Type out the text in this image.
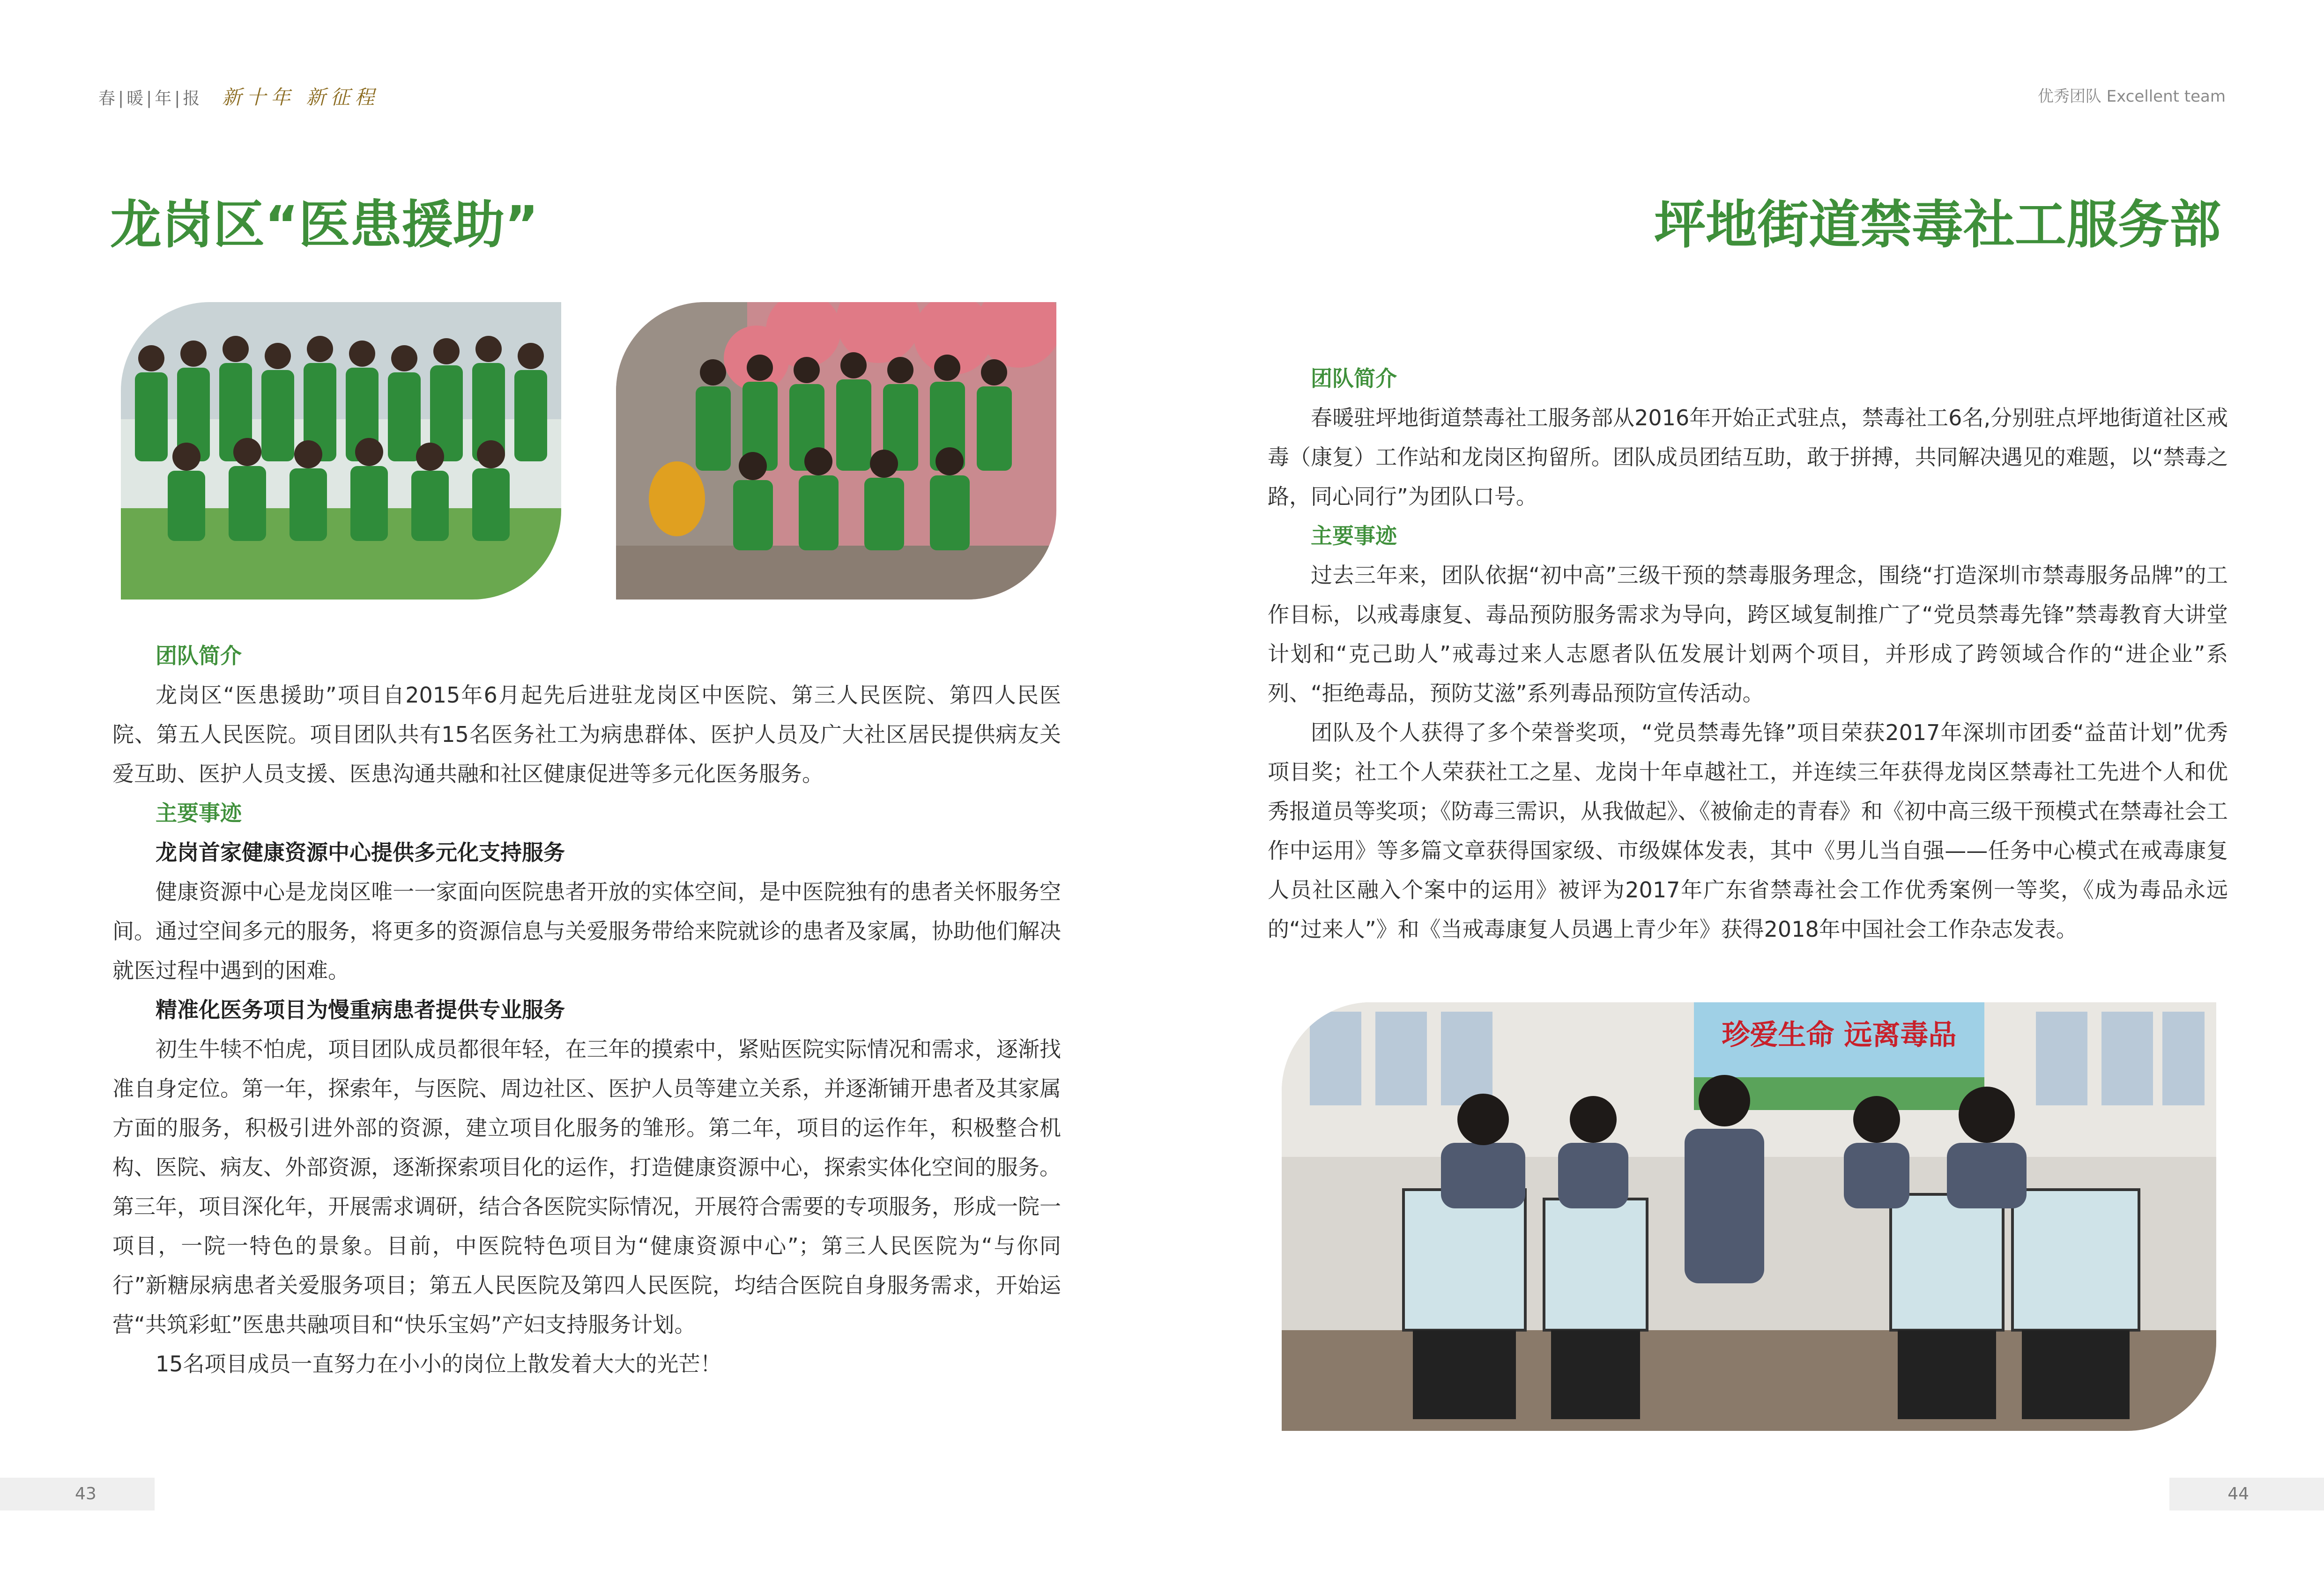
春|暖|年|报 新十年 新征程
龙岗区“医患援助”
团队简介

龙岗区“医患援助”项目自2015年6月起先后进驻龙岗区中医院、第三人民医院、第四人民医院、第五人民医院。项目团队共有15名医务社工为病患群体、医护人员及广大社区居民提供病友关爱互助、医护人员支援、医患沟通共融和社区健康促进等多元化医务服务。

主要事迹
龙岗首家健康资源中心提供多元化支持服务

健康资源中心是龙岗区唯一一家面向医院患者开放的实体空间，是中医院独有的患者关怀服务空间。通过空间多元的服务，将更多的资源信息与关爱服务带给来院就诊的患者及家属，协助他们解决就医过程中遇到的困难。

精准化医务项目为慢重病患者提供专业服务

初生牛犊不怕虎，项目团队成员都很年轻，在三年的摸索中，紧贴医院实际情况和需求，逐渐找准自身定位。第一年，探索年，与医院、周边社区、医护人员等建立关系，并逐渐铺开患者及其家属方面的服务，积极引进外部的资源，建立项目化服务的雏形。第二年，项目的运作年，积极整合机构、医院、病友、外部资源，逐渐探索项目化的运作，打造健康资源中心，探索实体化空间的服务。第三年，项目深化年，开展需求调研，结合各医院实际情况，开展符合需要的专项服务，形成一院一项目，一院一特色的景象。目前，中医院特色项目为“健康资源中心”；第三人民医院为“与你同行”新糖尿病患者关爱服务项目；第五人民医院及第四人民医院，均结合医院自身服务需求，开始运营“共筑彩虹”医患共融项目和“快乐宝妈”产妇支持服务计划。

15名项目成员一直努力在小小的岗位上散发着大大的光芒！

43
优秀团队 Excellent team
坪地街道禁毒社工服务部
团队简介

春暖驻坪地街道禁毒社工服务部从2016年开始正式驻点，禁毒社工6名,分别驻点坪地街道社区戒毒（康复）工作站和龙岗区拘留所。团队成员团结互助，敢于拼搏，共同解决遇见的难题，以“禁毒之路，同心同行”为团队口号。

主要事迹

过去三年来，团队依据“初中高”三级干预的禁毒服务理念，围绕“打造深圳市禁毒服务品牌”的工作目标，以戒毒康复、毒品预防服务需求为导向，跨区域复制推广了“党员禁毒先锋”禁毒教育大讲堂计划和“克己助人”戒毒过来人志愿者队伍发展计划两个项目，并形成了跨领域合作的“进企业”系列、“拒绝毒品，预防艾滋”系列毒品预防宣传活动。

团队及个人获得了多个荣誉奖项，“党员禁毒先锋”项目荣获2017年深圳市团委“益苗计划”优秀项目奖；社工个人荣获社工之星、龙岗十年卓越社工，并连续三年获得龙岗区禁毒社工先进个人和优秀报道员等奖项；《防毒三需识，从我做起》、《被偷走的青春》和《初中高三级干预模式在禁毒社会工作中运用》等多篇文章获得国家级、市级媒体发表，其中《男儿当自强——任务中心模式在戒毒康复人员社区融入个案中的运用》被评为2017年广东省禁毒社会工作优秀案例一等奖，《成为毒品永远的“过来人”》和《当戒毒康复人员遇上青少年》获得2018年中国社会工作杂志发表。

珍爱生命 远离毒品
44
